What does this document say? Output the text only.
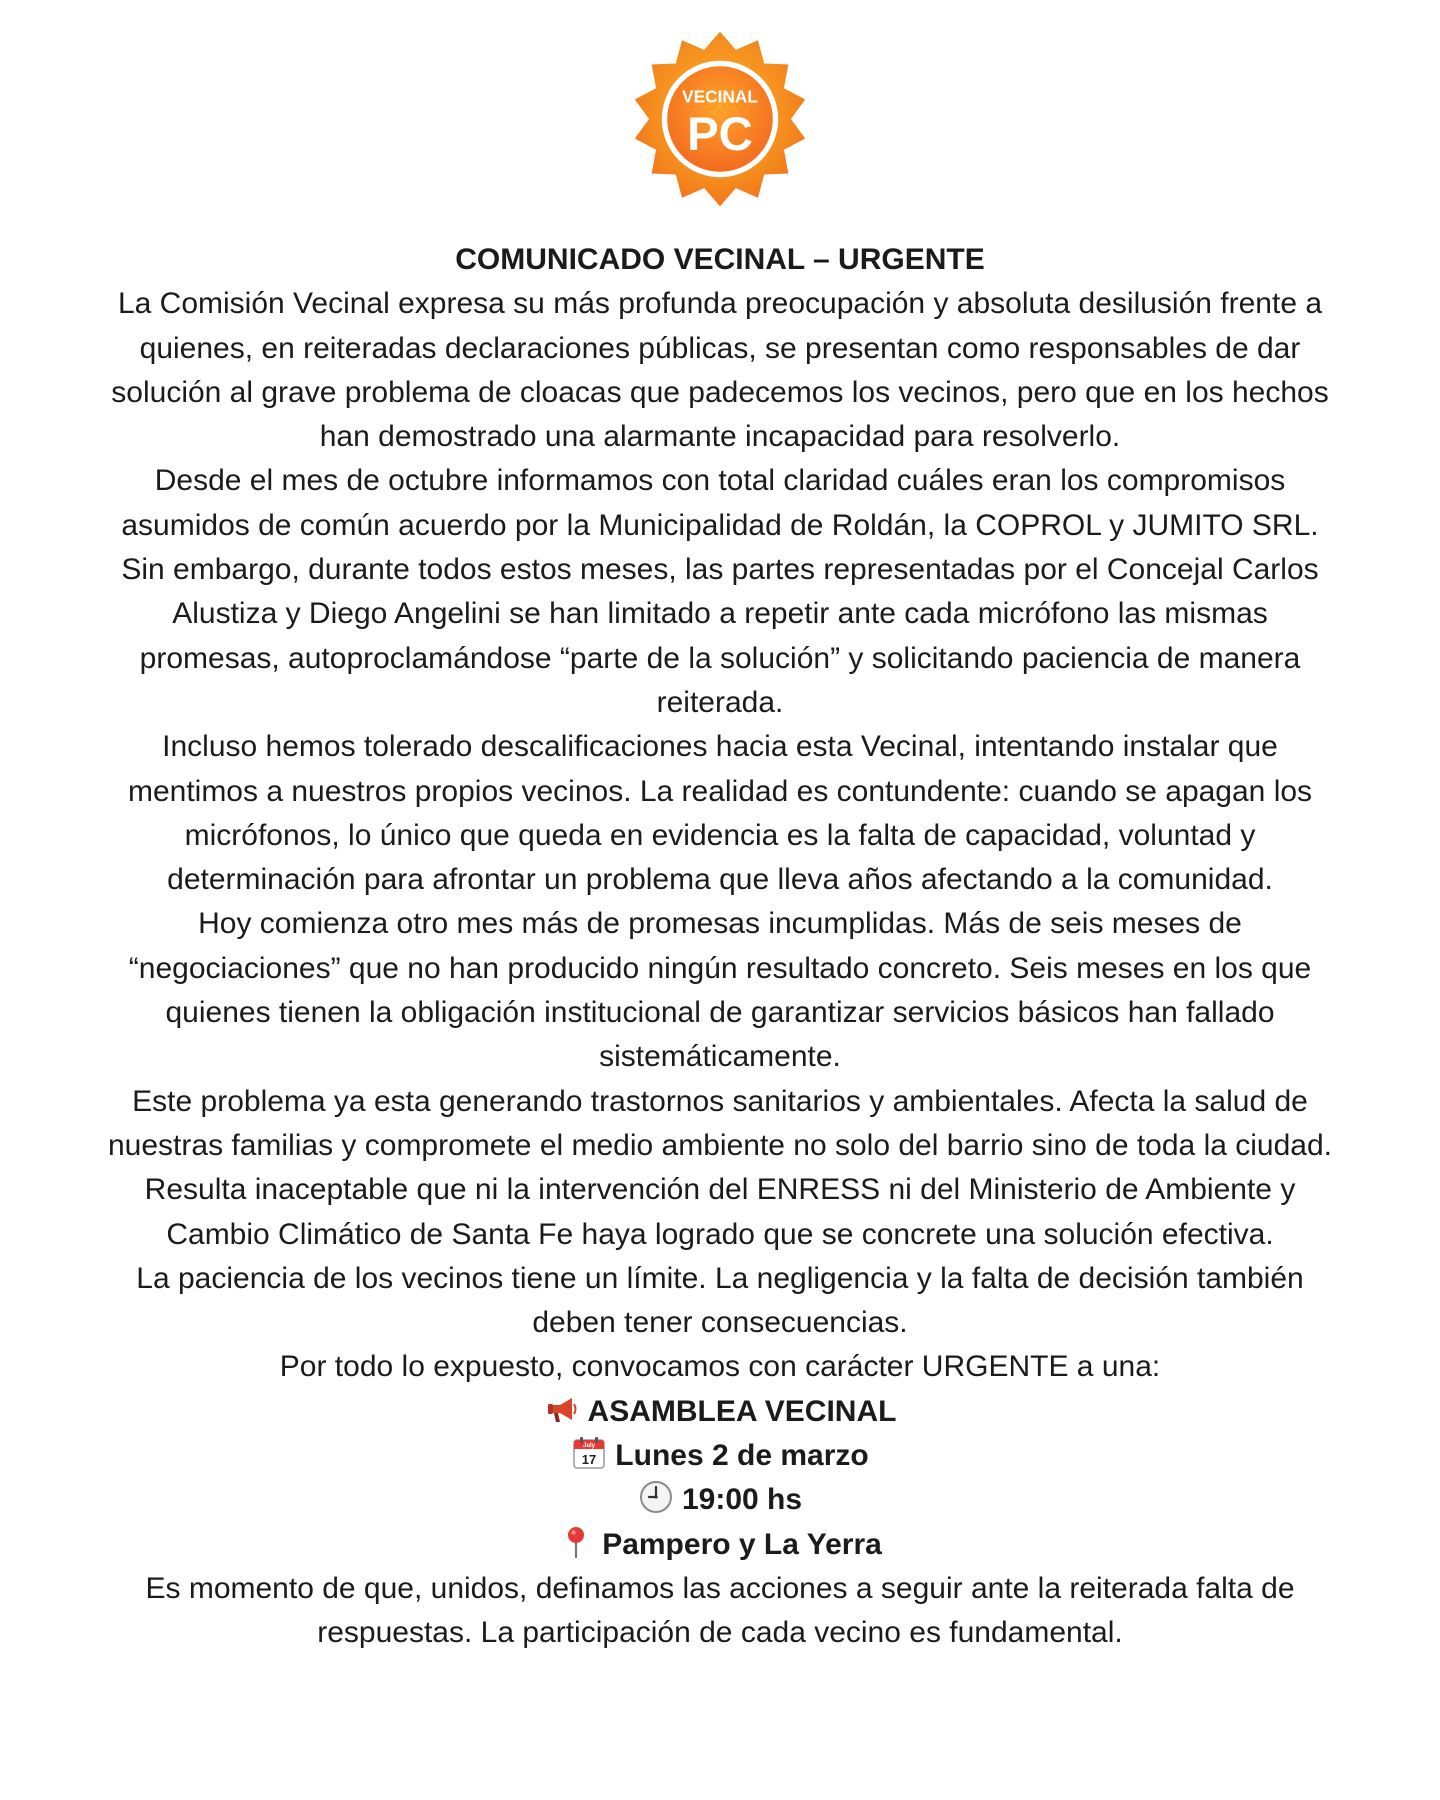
VECINAL
PC

COMUNICADO VECINAL – URGENTE

La Comisión Vecinal expresa su más profunda preocupación y absoluta desilusión frente a quienes, en reiteradas declaraciones públicas, se presentan como responsables de dar solución al grave problema de cloacas que padecemos los vecinos, pero que en los hechos han demostrado una alarmante incapacidad para resolverlo.

Desde el mes de octubre informamos con total claridad cuáles eran los compromisos asumidos de común acuerdo por la Municipalidad de Roldán, la COPROL y JUMITO SRL. Sin embargo, durante todos estos meses, las partes representadas por el Concejal Carlos Alustiza y Diego Angelini se han limitado a repetir ante cada micrófono las mismas promesas, autoproclamándose “parte de la solución” y solicitando paciencia de manera reiterada.

Incluso hemos tolerado descalificaciones hacia esta Vecinal, intentando instalar que mentimos a nuestros propios vecinos. La realidad es contundente: cuando se apagan los micrófonos, lo único que queda en evidencia es la falta de capacidad, voluntad y determinación para afrontar un problema que lleva años afectando a la comunidad.

Hoy comienza otro mes más de promesas incumplidas. Más de seis meses de “negociaciones” que no han producido ningún resultado concreto. Seis meses en los que quienes tienen la obligación institucional de garantizar servicios básicos han fallado sistemáticamente.

Este problema ya esta generando trastornos sanitarios y ambientales. Afecta la salud de nuestras familias y compromete el medio ambiente no solo del barrio sino de toda la ciudad. Resulta inaceptable que ni la intervención del ENRESS ni del Ministerio de Ambiente y Cambio Climático de Santa Fe haya logrado que se concrete una solución efectiva.

La paciencia de los vecinos tiene un límite. La negligencia y la falta de decisión también deben tener consecuencias.

Por todo lo expuesto, convocamos con carácter URGENTE a una:

ASAMBLEA VECINAL

July
17 Lunes 2 de marzo

19:00 hs

Pampero y La Yerra

Es momento de que, unidos, definamos las acciones a seguir ante la reiterada falta de respuestas. La participación de cada vecino es fundamental.
